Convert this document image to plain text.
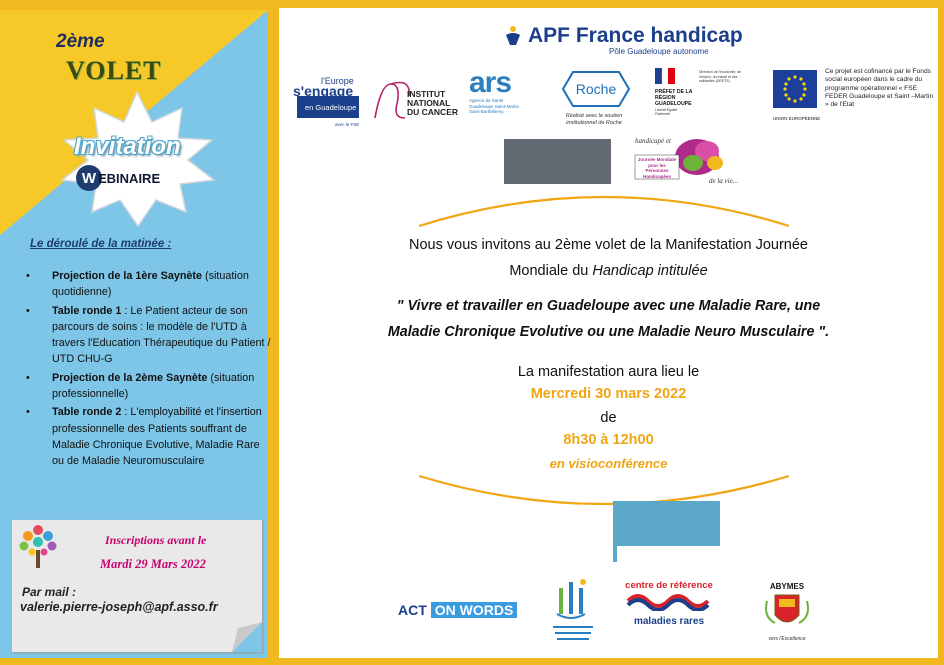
2ème
VOLET
Invitation
W EBINAIRE
Le déroulé de la matinée :
• Projection de la 1ère Saynète (situation quotidienne)
• Table ronde 1 : Le Patient acteur de son parcours de soins : le modèle de l'UTD à travers l'Education Thérapeutique du Patient / UTD CHU-G
• Projection de la 2ème Saynète (situation professionnelle)
• Table ronde 2 : L'employabilité et l'insertion professionnelle des Patients souffrant de Maladie Chronique Evolutive, Maladie Rare ou de Maladie Neuromusculaire
Inscriptions avant le
Mardi 29 Mars 2022
Par mail :
valerie.pierre-joseph@apf.asso.fr
APF France handicap
Pôle Guadeloupe autonome
l'Europe
s'engage
en Guadeloupe
avec le FSE
INSTITUT NATIONAL DU CANCER
ars
Agence de Santé Guadeloupe Saint-Martin Saint-Barthélemy
Roche
Réalisé avec le soutien institutionnel de Roche
PRÉFET DE LA RÉGION GUADELOUPE
Liberté Égalité Fraternité
Direction de l'économie, de l'emploi, du travail et des solidarités (DEETS)
UNION EUROPÉENNE
Ce projet est cofinancé par le Fonds social européen dans le cadre du programme opérationnel « FSE FEDER Guadeloupe et Saint –Martin » de l'Etat
handicapé et
Journée Mondiale pour les Personnes Handicapées
de la vie...
Nous vous invitons au 2ème volet de la Manifestation Journée
Mondiale du Handicap intitulée
" Vivre et travailler en Guadeloupe avec une Maladie Rare, une
Maladie Chronique Evolutive ou une Maladie Neuro Musculaire ".
La manifestation aura lieu le
Mercredi 30 mars 2022
de
8h30 à 12h00
en visioconférence
ACT ON WORDS
centre de référence
maladies rares
ABYMES
vers l'Excellence
